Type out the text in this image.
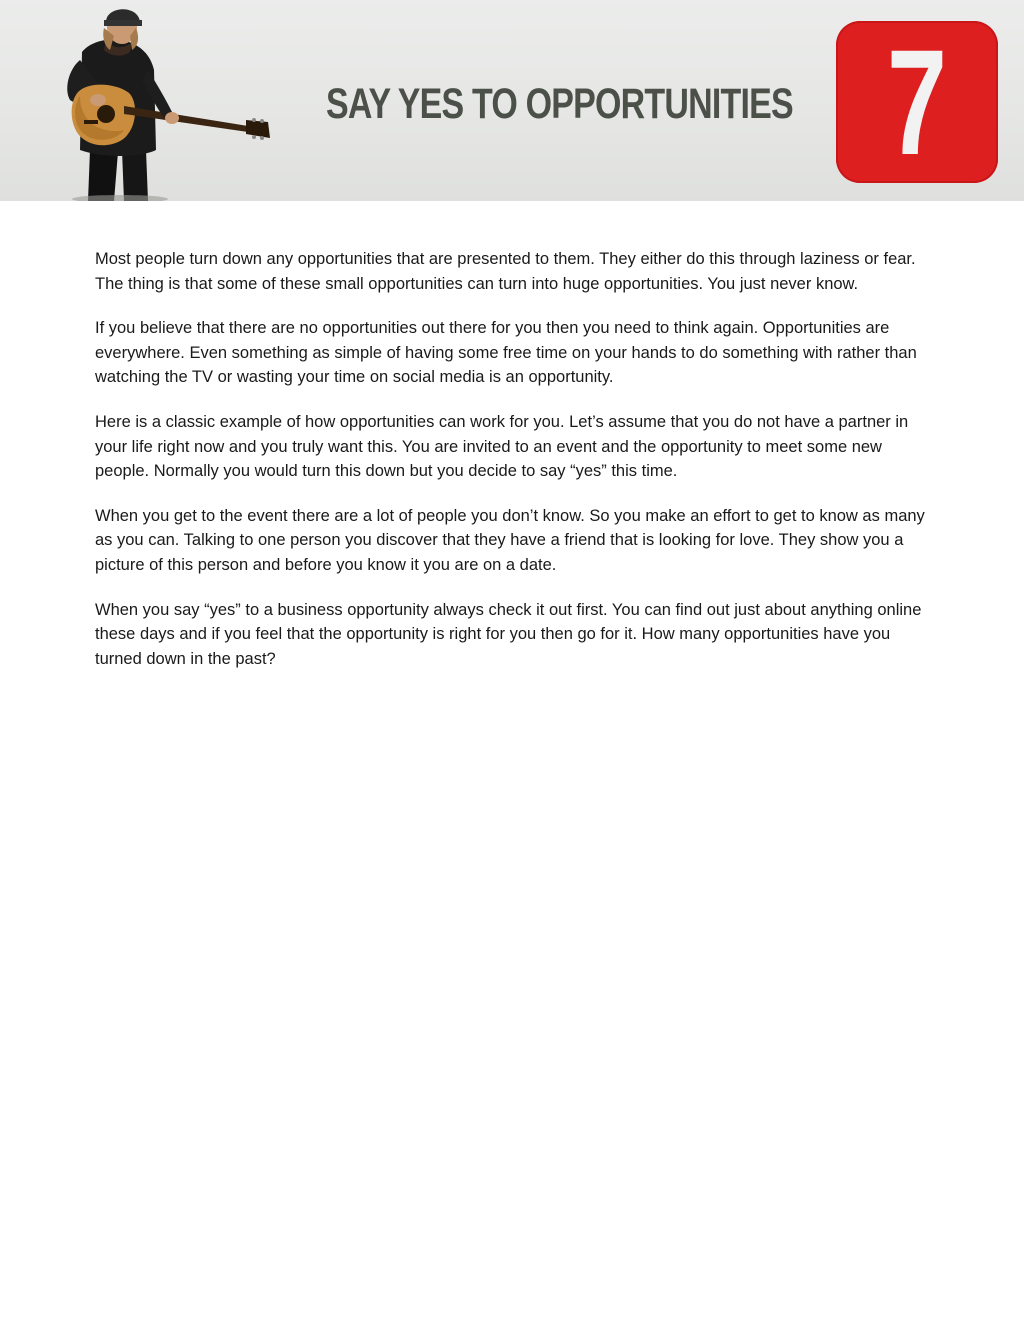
SAY YES TO OPPORTUNITIES 7

Most people turn down any opportunities that are presented to them. They either do this through laziness or fear. The thing is that some of these small opportunities can turn into huge opportunities. You just never know.

If you believe that there are no opportunities out there for you then you need to think again. Opportunities are everywhere. Even something as simple of having some free time on your hands to do something with rather than watching the TV or wasting your time on social media is an opportunity.

Here is a classic example of how opportunities can work for you. Let’s assume that you do not have a partner in your life right now and you truly want this. You are invited to an event and the opportunity to meet some new people. Normally you would turn this down but you decide to say “yes” this time.

When you get to the event there are a lot of people you don’t know. So you make an effort to get to know as many as you can. Talking to one person you discover that they have a friend that is looking for love. They show you a picture of this person and before you know it you are on a date.

When you say “yes” to a business opportunity always check it out first. You can find out just about anything online these days and if you feel that the opportunity is right for you then go for it. How many opportunities have you turned down in the past?
